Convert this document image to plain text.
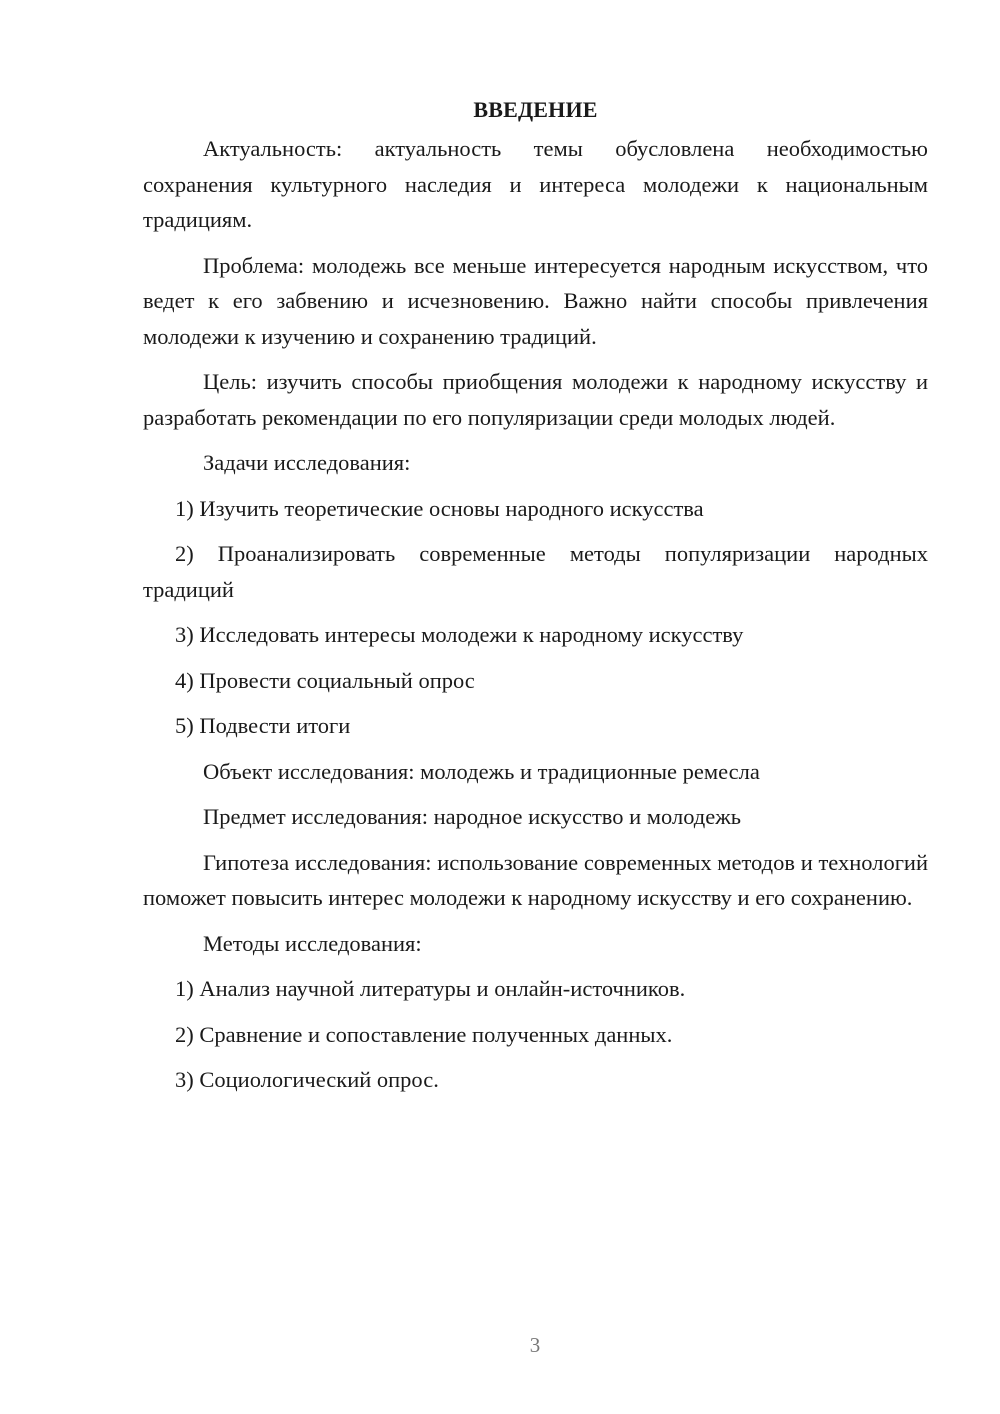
ВВЕДЕНИЕ

Актуальность: актуальность темы обусловлена необходимостью сохранения культурного наследия и интереса молодежи к национальным традициям.

Проблема: молодежь все меньше интересуется народным искусством, что ведет к его забвению и исчезновению. Важно найти способы привлечения молодежи к изучению и сохранению традиций.

Цель: изучить способы приобщения молодежи к народному искусству и разработать рекомендации по его популяризации среди молодых людей.

Задачи исследования:

1) Изучить теоретические основы народного искусства

2) Проанализировать современные методы популяризации народных традиций

3) Исследовать интересы молодежи к народному искусству

4) Провести социальный опрос

5) Подвести итоги

Объект исследования: молодежь и традиционные ремесла

Предмет исследования: народное искусство и молодежь

Гипотеза исследования: использование современных методов и технологий поможет повысить интерес молодежи к народному искусству и его сохранению.

Методы исследования:

1) Анализ научной литературы и онлайн-источников.

2) Сравнение и сопоставление полученных данных.

3) Социологический опрос.

3
